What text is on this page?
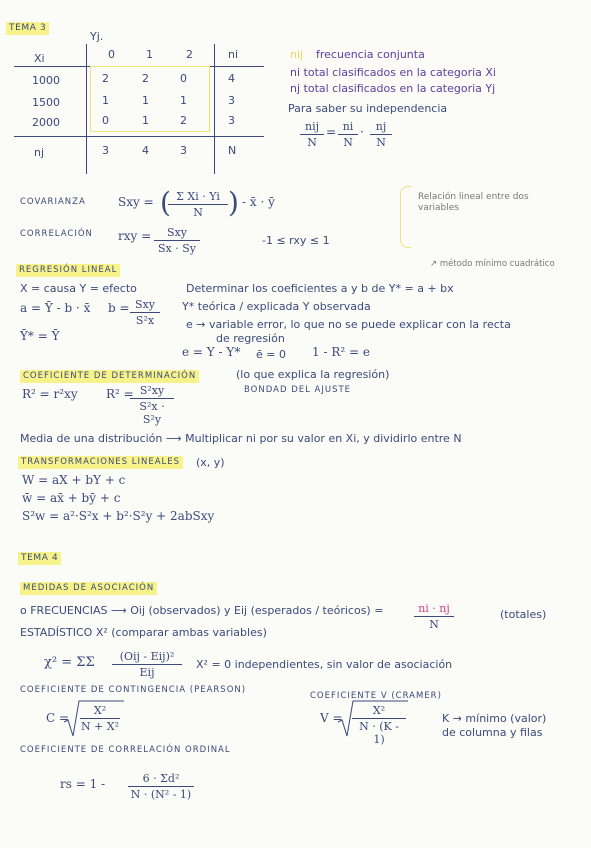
TEMA 3
Yj.
Xi	0	1	2	ni
1000	2	2	0	4
1500	1	1	1	3
2000	0	1	2	3
nj	3	4	3	N
nij frecuencia conjunta
ni total clasificados en la categoria Xi
nj total clasificados en la categoria Yj
Para saber su independencia
nij
N
= $\frac{ni}{N} \cdot \frac{nj}{N}$
COVARIANZA	Sxy = (
$\frac{\text{Σ Xi · Yi}}{N}$ ) - x̄ · ȳ
CORRELACIÓN rxy =	Sxy
Sx · Sy
-1 ≤ rxy ≤ 1
Relación lineal entre dos variables
REGRESIÓN LINEAL
↗ método mínimo cuadrático
X = causa Y = efecto	Determinar los coeficientes a y b de Y* = a + bx
a = Ȳ - b · x̄ b = Sxy
S²x
Y* teórica / explicada Y observada
Ȳ* = Ȳ
e → variable error, lo que no se puede explicar con la recta
de regresión
e = Y - Y* ē = 0 1 - R² = e
COEFICIENTE DE DETERMINACIÓN	(lo que explica la regresión)
BONDAD DEL AJUSTE
R² = r²xy R² =
$\frac{\text{S²xy}}{\text{S²x · S²y}}$
Media de una distribución ⟶ Multiplicar ni por su valor en Xi, y dividirlo entre N
TRANSFORMACIONES LINEALES (x, y)
W = aX + bY + c
w̄ = ax̄ + bȳ + c
S²w = a²·S²x + b²·S²y + 2abSxy
TEMA 4
MEDIDAS DE ASOCIACIÓN
o FRECUENCIAS ⟶ Oij (observados) y Eij (esperados / teóricos) =	$\frac{ni \cdot nj}{N}$	(totales)
ESTADÍSTICO X² (comparar ambas variables)
χ² = ΣΣ	(Oij - Eij)²
Eij
X² = 0 independientes, sin valor de asociación
COEFICIENTE DE CONTINGENCIA (PEARSON)
COEFICIENTE V (CRAMER)
$C = \frac{\text{X²}}{\text{N + X²}}$	$V = \frac{\text{X²}}{N \cdot (K - 1)}$	K → mínimo (valor)
de columna y filas
COEFICIENTE DE CORRELACIÓN ORDINAL
rs = $1 - \frac{\text{6 · Σd²}}{\text{N · (N² - 1)}}$
